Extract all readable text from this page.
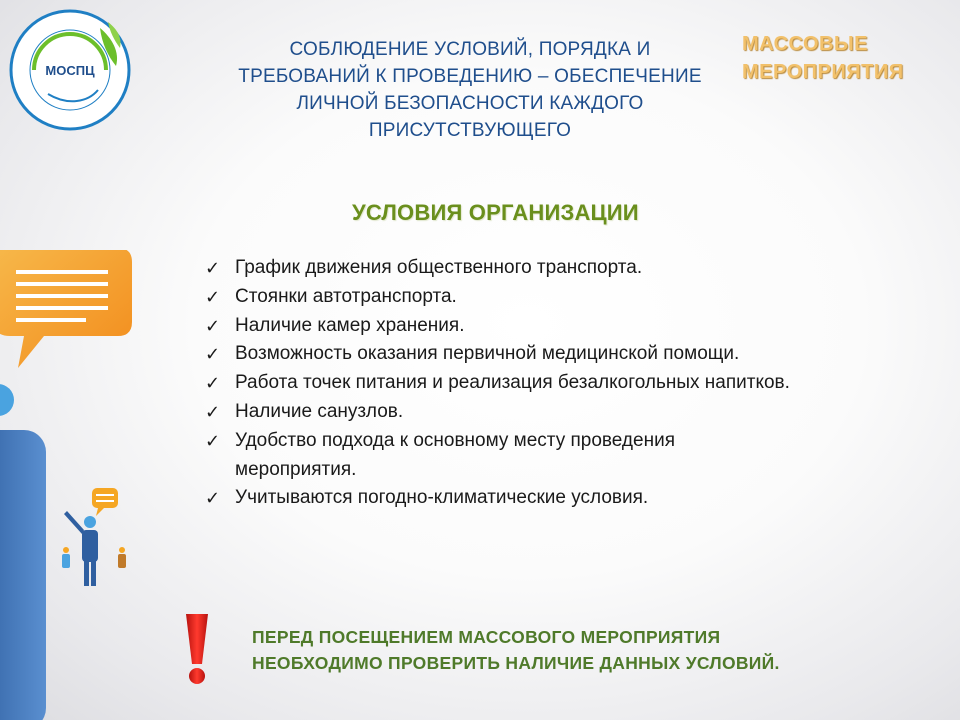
МОСПЦ
СОБЛЮДЕНИЕ УСЛОВИЙ, ПОРЯДКА И
ТРЕБОВАНИЙ К ПРОВЕДЕНИЮ – ОБЕСПЕЧЕНИЕ
ЛИЧНОЙ БЕЗОПАСНОСТИ КАЖДОГО
ПРИСУТСТВУЮЩЕГО
МАССОВЫЕ
МЕРОПРИЯТИЯ
УСЛОВИЯ ОРГАНИЗАЦИИ
✓ График движения общественного транспорта.
✓ Стоянки автотранспорта.
✓ Наличие камер хранения.
✓ Возможность оказания первичной медицинской помощи.
✓ Работа точек питания и реализация безалкогольных напитков.
✓ Наличие санузлов.
✓ Удобство подхода к основному месту проведения мероприятия.
✓ Учитываются погодно-климатические условия.
ПЕРЕД ПОСЕЩЕНИЕМ МАССОВОГО МЕРОПРИЯТИЯ
НЕОБХОДИМО ПРОВЕРИТЬ НАЛИЧИЕ ДАННЫХ УСЛОВИЙ.
